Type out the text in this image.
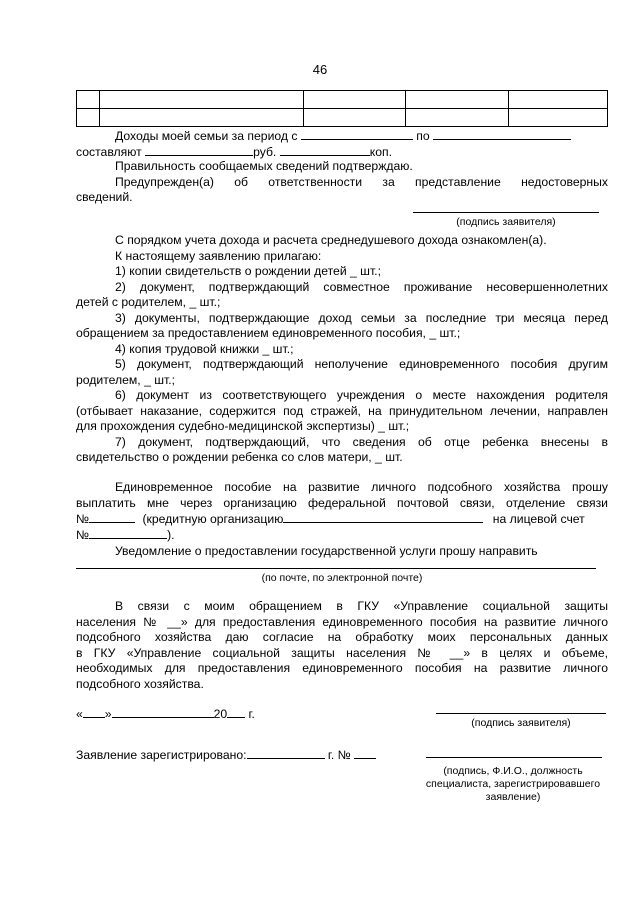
46

Доходы моей семьи за период с	по
составляют	руб.	коп.
Правильность сообщаемых сведений подтверждаю.
Предупрежден(а) об ответственности за представление недостоверных
сведений.
(подпись заявителя)
С порядком учета дохода и расчета среднедушевого дохода ознакомлен(а).
К настоящему заявлению прилагаю:
1) копии свидетельств о рождении детей _ шт.;
2) документ, подтверждающий совместное проживание несовершеннолетних
детей с родителем, _ шт.;
3) документы, подтверждающие доход семьи за последние три месяца перед
обращением за предоставлением единовременного пособия, _ шт.;
4) копия трудовой книжки _ шт.;
5) документ, подтверждающий неполучение единовременного пособия другим
родителем, _ шт.;
6) документ из соответствующего учреждения о месте нахождения родителя
(отбывает наказание, содержится под стражей, на принудительном лечении, направлен
для прохождения судебно-медицинской экспертизы) _ шт.;
7) документ, подтверждающий, что сведения об отце ребенка внесены в
свидетельство о рождении ребенка со слов матери, _ шт.
Единовременное пособие на развитие личного подсобного хозяйства прошу
выплатить мне через организацию федеральной почтовой связи, отделение связи
№	(кредитную организацию	на лицевой счет
№	).
Уведомление о предоставлении государственной услуги прошу направить
(по почте, по электронной почте)
В связи с моим обращением в ГКУ «Управление социальной защиты
населения № __» для предоставления единовременного пособия на развитие личного
подсобного хозяйства даю согласие на обработку моих персональных данных
в ГКУ «Управление социальной защиты населения № __» в целях и объеме,
необходимых для предоставления единовременного пособия на развитие личного
подсобного хозяйства.
« »	20 г.
(подпись заявителя)
Заявление зарегистрировано:	г. №
(подпись, Ф.И.О., должность
специалиста, зарегистрировавшего
заявление)
